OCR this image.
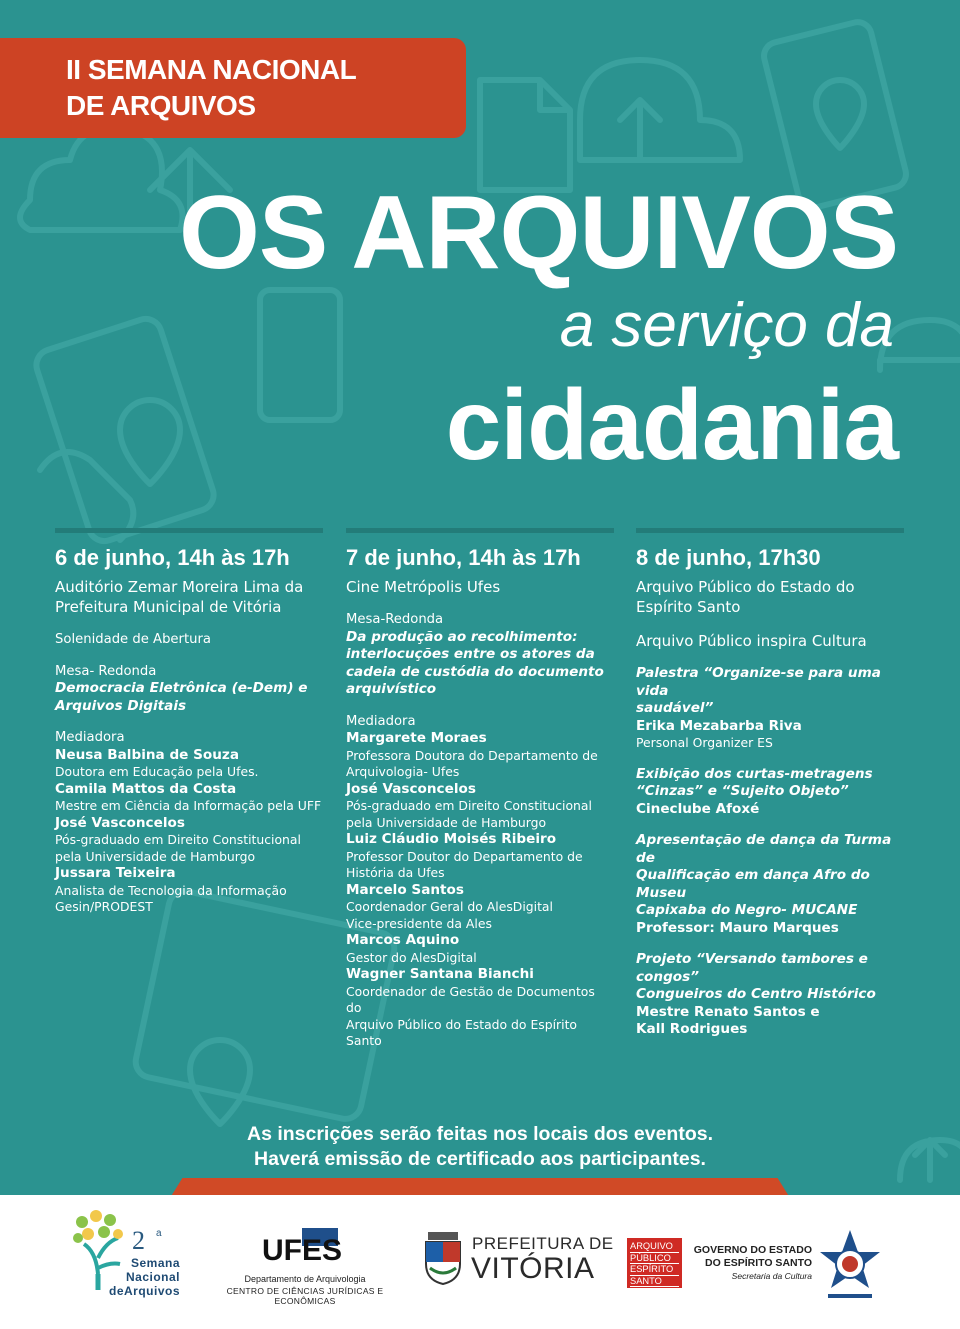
II SEMANA NACIONAL
DE ARQUIVOS
OS ARQUIVOS
a serviço da
cidadania
6 de junho, 14h às 17h

Auditório Zemar Moreira Lima da

Prefeitura Municipal de Vitória

Solenidade de Abertura

Mesa- Redonda

Democracia Eletrônica (e-Dem) e

Arquivos Digitais

Mediadora

Neusa Balbina de Souza

Doutora em Educação pela Ufes.

Camila Mattos da Costa

Mestre em Ciência da Informação pela UFF

José Vasconcelos

Pós-graduado em Direito Constitucional

pela Universidade de Hamburgo

Jussara Teixeira

Analista de Tecnologia da Informação

Gesin/PRODEST

7 de junho, 14h às 17h

Cine Metrópolis Ufes

Mesa-Redonda

Da produção ao recolhimento:

interlocuções entre os atores da

cadeia de custódia do documento

arquivístico

Mediadora

Margarete Moraes

Professora Doutora do Departamento de

Arquivologia- Ufes

José Vasconcelos

Pós-graduado em Direito Constitucional

pela Universidade de Hamburgo

Luiz Cláudio Moisés Ribeiro

Professor Doutor do Departamento de

História da Ufes

Marcelo Santos

Coordenador Geral do AlesDigital

Vice-presidente da Ales

Marcos Aquino

Gestor do AlesDigital

Wagner Santana Bianchi

Coordenador de Gestão de Documentos do

Arquivo Público do Estado do Espírito Santo

8 de junho, 17h30

Arquivo Público do Estado do

Espírito Santo

Arquivo Público inspira Cultura

Palestra “Organize-se para uma vida

saudável”

Erika Mezabarba Riva

Personal Organizer ES

Exibição dos curtas-metragens

“Cinzas” e “Sujeito Objeto”

Cineclube Afoxé

Apresentação de dança da Turma de

Qualificação em dança Afro do Museu

Capixaba do Negro- MUCANE

Professor: Mauro Marques

Projeto “Versando tambores e congos”

Congueiros do Centro Histórico

Mestre Renato Santos e

Kall Rodrigues

As inscrições serão feitas nos locais dos eventos.
Haverá emissão de certificado aos participantes.
2 a
Semana
Nacional
deArquivos
UFES
Departamento de Arquivologia
CENTRO DE CIÊNCIAS JURÍDICAS E ECONÔMICAS
PREFEITURA DE
VITÓRIA
ARQUIVO
PÚBLICO
ESPÍRITO
SANTO
GOVERNO DO ESTADO
DO ESPÍRITO SANTO
Secretaria da Cultura
